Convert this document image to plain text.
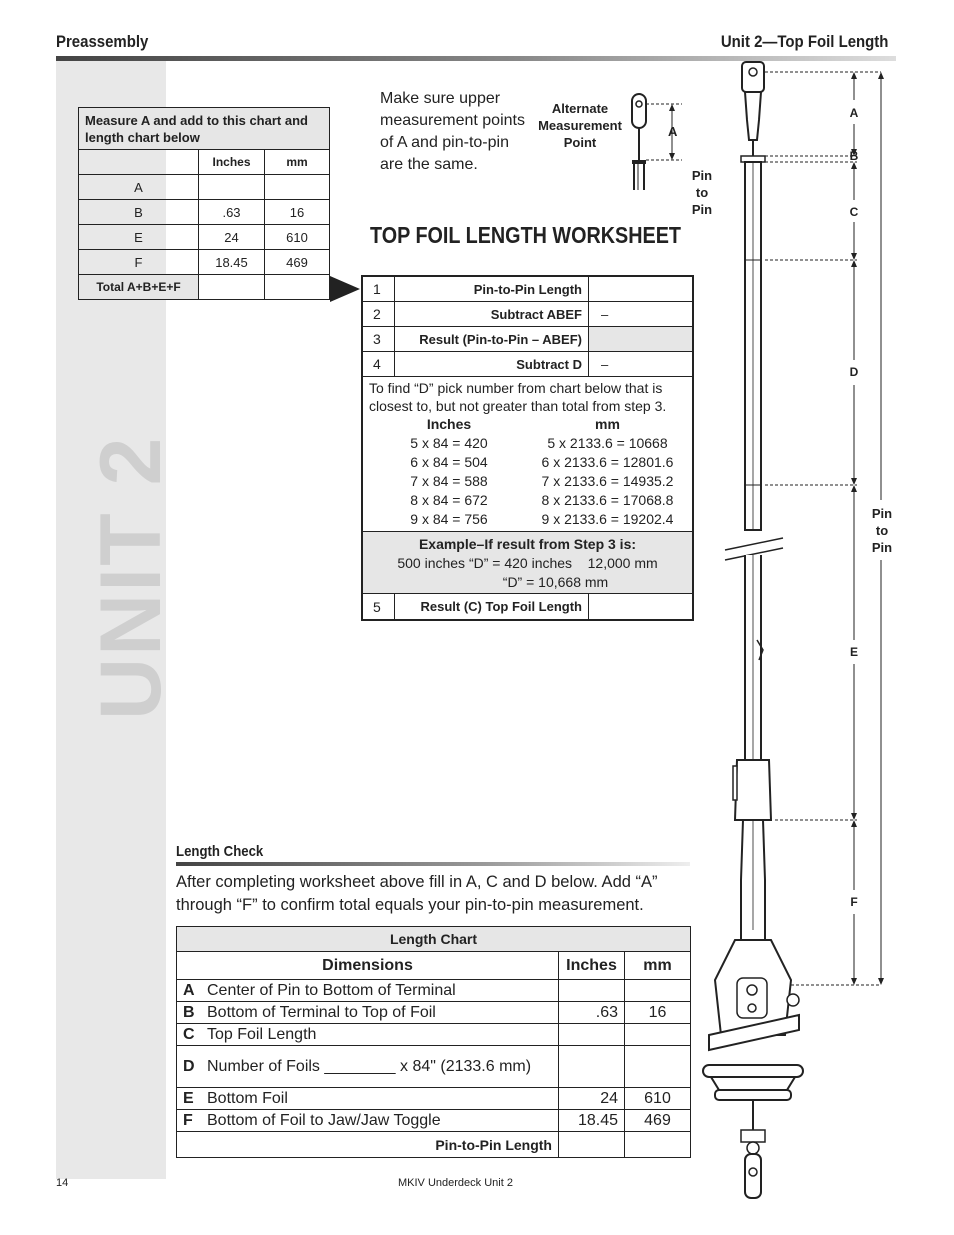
Preassembly	Unit 2—Top Foil Length
UNIT 2
Measure A and add to this chart and length chart below		
	Inches	mm
A		
B	.63	16
E	24	610
F	18.45	469
Total A+B+E+F		
Make sure upper measurement points of A and pin-to-pin are the same.
Alternate Measurement Point
A
Pin to Pin
TOP FOIL LENGTH WORKSHEET
1	Pin-to-Pin Length
2	Subtract ABEF	–
3	Result (Pin-to-Pin – ABEF)
4	Subtract D	–
To find “D” pick number from chart below that is closest to, but not greater than total from step 3.
Inches	mm
5 x 84 = 420	5 x 2133.6 = 10668
6 x 84 = 504	6 x 2133.6 = 12801.6
7 x 84 = 588	7 x 2133.6 = 14935.2
8 x 84 = 672	8 x 2133.6 = 17068.8
9 x 84 = 756	9 x 2133.6 = 19202.4
Example–If result from Step 3 is:
500 inches “D” = 420 inches    12,000 mm
“D” = 10,668 mm
5	Result (C) Top Foil Length
Length Check
After completing worksheet above fill in A, C and D below. Add “A” through “F” to confirm total equals your pin-to-pin measurement.
Length Chart		
Dimensions	Inches	mm
A Center of Pin to Bottom of Terminal		
B Bottom of Terminal to Top of Foil	.63	16
C Top Foil Length		
D Number of Foils ________ x 84" (2133.6 mm)		
E Bottom Foil	24	610
F Bottom of Foil to Jaw/Jaw Toggle	18.45	469
Pin-to-Pin Length		
A
B
C
D
E
F
Pin to Pin
14	MKIV Underdeck Unit 2
